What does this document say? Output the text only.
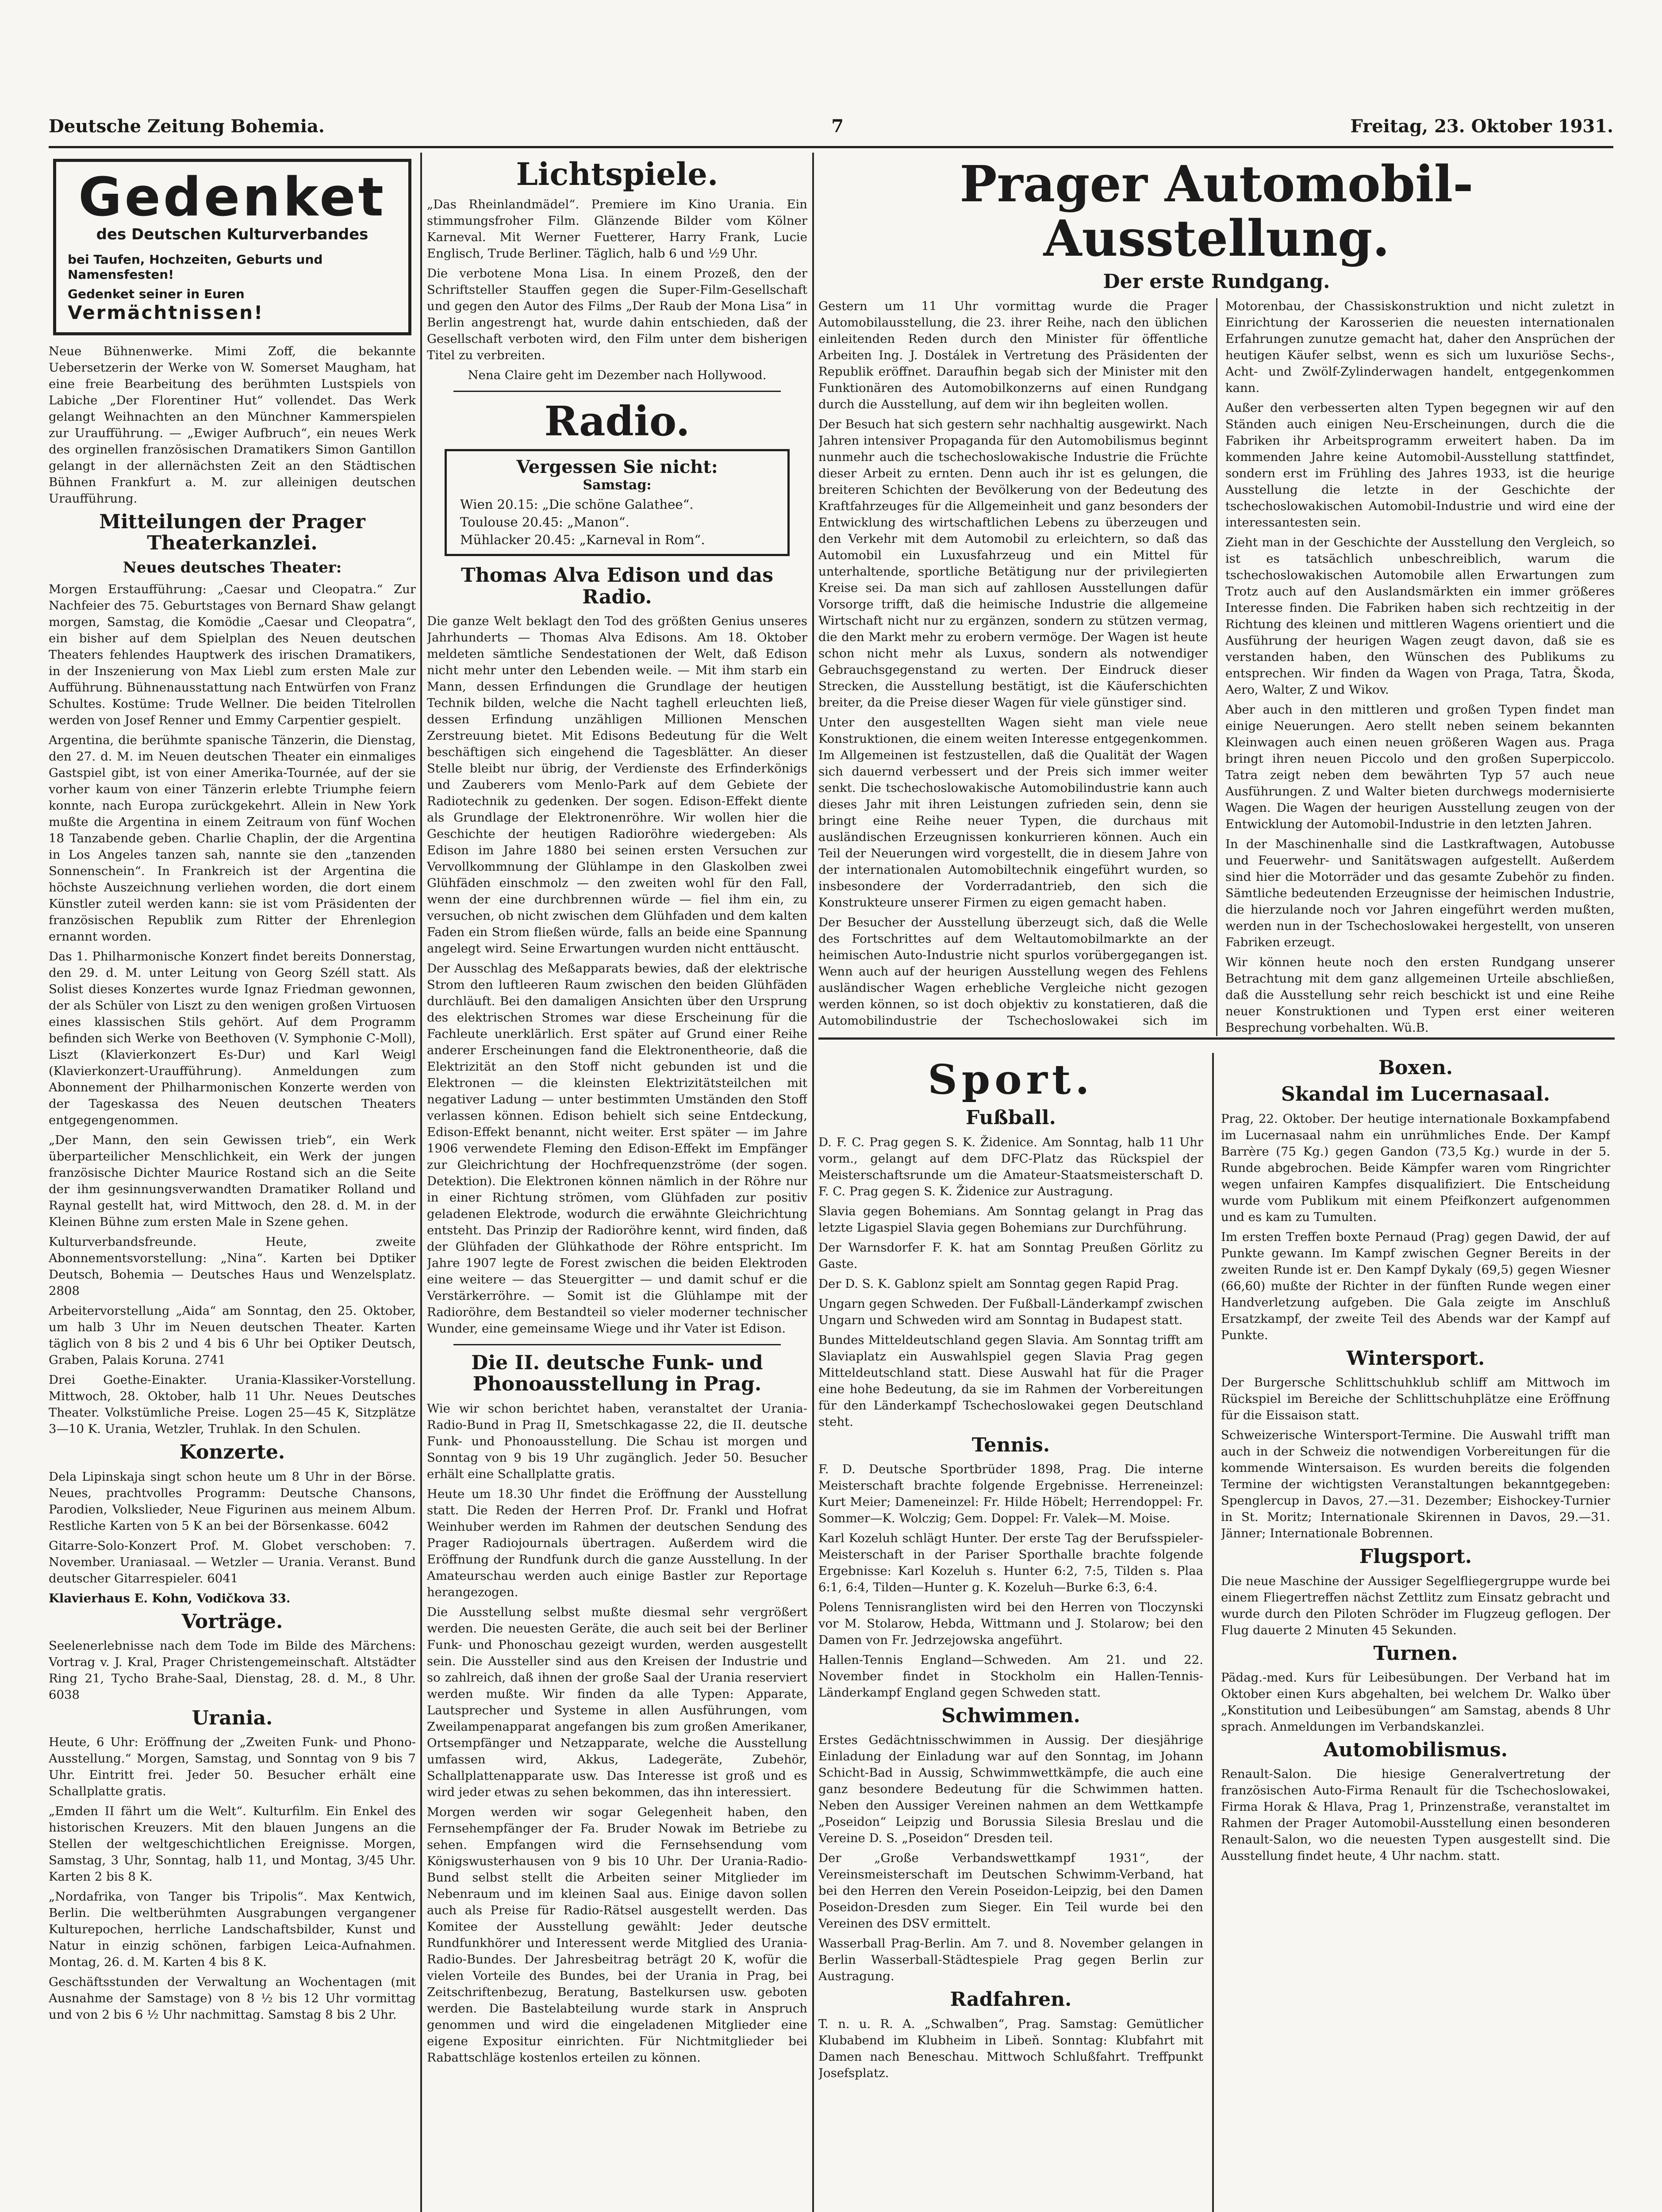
Deutsche Zeitung Bohemia.	7	Freitag, 23. Oktober 1931.
Gedenket
des Deutschen Kulturverbandes
bei Taufen, Hochzeiten, Geburts und Namensfesten!
Gedenket seiner in Euren
Vermächtnissen!

Neue Bühnenwerke. Mimi Zoff, die bekannte Uebersetzerin der Werke von W. Somerset Maugham, hat eine freie Bearbeitung des berühmten Lustspiels von Labiche „Der Florentiner Hut“ vollendet. Das Werk gelangt Weihnachten an den Münchner Kammerspielen zur Uraufführung. — „Ewiger Aufbruch“, ein neues Werk des orginellen französischen Dramatikers Simon Gantillon gelangt in der allernächsten Zeit an den Städtischen Bühnen Frankfurt a. M. zur alleinigen deutschen Uraufführung.

Mitteilungen der Prager Theaterkanzlei.
Neues deutsches Theater:

Morgen Erstaufführung: „Caesar und Cleopatra.“ Zur Nachfeier des 75. Geburtstages von Bernard Shaw gelangt morgen, Samstag, die Komödie „Caesar und Cleopatra“, ein bisher auf dem Spielplan des Neuen deutschen Theaters fehlendes Hauptwerk des irischen Dramatikers, in der Inszenierung von Max Liebl zum ersten Male zur Aufführung. Bühnenausstattung nach Entwürfen von Franz Schultes. Kostüme: Trude Wellner. Die beiden Titelrollen werden von Josef Renner und Emmy Carpentier gespielt.

Argentina, die berühmte spanische Tänzerin, die Dienstag, den 27. d. M. im Neuen deutschen Theater ein einmaliges Gastspiel gibt, ist von einer Amerika-Tournée, auf der sie vorher kaum von einer Tänzerin erlebte Triumphe feiern konnte, nach Europa zurückgekehrt. Allein in New York mußte die Argentina in einem Zeitraum von fünf Wochen 18 Tanzabende geben. Charlie Chaplin, der die Argentina in Los Angeles tanzen sah, nannte sie den „tanzenden Sonnenschein“. In Frankreich ist der Argentina die höchste Auszeichnung verliehen worden, die dort einem Künstler zuteil werden kann: sie ist vom Präsidenten der französischen Republik zum Ritter der Ehrenlegion ernannt worden.

Das 1. Philharmonische Konzert findet bereits Donnerstag, den 29. d. M. unter Leitung von Georg Széll statt. Als Solist dieses Konzertes wurde Ignaz Friedman gewonnen, der als Schüler von Liszt zu den wenigen großen Virtuosen eines klassischen Stils gehört. Auf dem Programm befinden sich Werke von Beethoven (V. Symphonie C-Moll), Liszt (Klavierkonzert Es-Dur) und Karl Weigl (Klavierkonzert-Uraufführung). Anmeldungen zum Abonnement der Philharmonischen Konzerte werden von der Tageskassa des Neuen deutschen Theaters entgegengenommen.

„Der Mann, den sein Gewissen trieb“, ein Werk überparteilicher Menschlichkeit, ein Werk der jungen französische Dichter Maurice Rostand sich an die Seite der ihm gesinnungsverwandten Dramatiker Rolland und Raynal gestellt hat, wird Mittwoch, den 28. d. M. in der Kleinen Bühne zum ersten Male in Szene gehen.

Kulturverbandsfreunde. Heute, zweite Abonnementsvorstellung: „Nina“. Karten bei Dptiker Deutsch, Bohemia — Deutsches Haus und Wenzelsplatz. 2808

Arbeitervorstellung „Aida“ am Sonntag, den 25. Oktober, um halb 3 Uhr im Neuen deutschen Theater. Karten täglich von 8 bis 2 und 4 bis 6 Uhr bei Optiker Deutsch, Graben, Palais Koruna. 2741

Drei Goethe-Einakter. Urania-Klassiker-Vorstellung. Mittwoch, 28. Oktober, halb 11 Uhr. Neues Deutsches Theater. Volkstümliche Preise. Logen 25—45 K, Sitzplätze 3—10 K. Urania, Wetzler, Truhlak. In den Schulen.

Konzerte.

Dela Lipinskaja singt schon heute um 8 Uhr in der Börse. Neues, prachtvolles Programm: Deutsche Chansons, Parodien, Volkslieder, Neue Figurinen aus meinem Album. Restliche Karten von 5 K an bei der Börsenkasse. 6042

Gitarre-Solo-Konzert Prof. M. Globet verschoben: 7. November. Uraniasaal. — Wetzler — Urania. Veranst. Bund deutscher Gitarrespieler. 6041

Klavierhaus E. Kohn, Vodičkova 33.

Vorträge.

Seelenerlebnisse nach dem Tode im Bilde des Märchens: Vortrag v. J. Kral, Prager Christengemeinschaft. Altstädter Ring 21, Tycho Brahe-Saal, Dienstag, 28. d. M., 8 Uhr. 6038

Urania.

Heute, 6 Uhr: Eröffnung der „Zweiten Funk- und Phono-Ausstellung.“ Morgen, Samstag, und Sonntag von 9 bis 7 Uhr. Eintritt frei. Jeder 50. Besucher erhält eine Schallplatte gratis.

„Emden II fährt um die Welt“. Kulturfilm. Ein Enkel des historischen Kreuzers. Mit den blauen Jungens an die Stellen der weltgeschichtlichen Ereignisse. Morgen, Samstag, 3 Uhr, Sonntag, halb 11, und Montag, 3/45 Uhr. Karten 2 bis 8 K.

„Nordafrika, von Tanger bis Tripolis“. Max Kentwich, Berlin. Die weltberühmten Ausgrabungen vergangener Kulturepochen, herrliche Landschaftsbilder, Kunst und Natur in einzig schönen, farbigen Leica-Aufnahmen. Montag, 26. d. M. Karten 4 bis 8 K.

Geschäftsstunden der Verwaltung an Wochentagen (mit Ausnahme der Samstage) von 8 ½ bis 12 Uhr vormittag und von 2 bis 6 ½ Uhr nachmittag. Samstag 8 bis 2 Uhr.

Lichtspiele.

„Das Rheinlandmädel“. Premiere im Kino Urania. Ein stimmungsfroher Film. Glänzende Bilder vom Kölner Karneval. Mit Werner Fuetterer, Harry Frank, Lucie Englisch, Trude Berliner. Täglich, halb 6 und ½9 Uhr.

Die verbotene Mona Lisa. In einem Prozeß, den der Schriftsteller Stauffen gegen die Super-Film-Gesellschaft und gegen den Autor des Films „Der Raub der Mona Lisa“ in Berlin angestrengt hat, wurde dahin entschieden, daß der Gesellschaft verboten wird, den Film unter dem bisherigen Titel zu verbreiten.

Nena Claire geht im Dezember nach Hollywood.

Radio.
Vergessen Sie nicht:
Samstag:
Wien 20.15: „Die schöne Galathee“.
Toulouse 20.45: „Manon“.
Mühlacker 20.45: „Karneval in Rom“.
Thomas Alva Edison und das Radio.

Die ganze Welt beklagt den Tod des größten Genius unseres Jahrhunderts — Thomas Alva Edisons. Am 18. Oktober meldeten sämtliche Sendestationen der Welt, daß Edison nicht mehr unter den Lebenden weile. — Mit ihm starb ein Mann, dessen Erfindungen die Grundlage der heutigen Technik bilden, welche die Nacht taghell erleuchten ließ, dessen Erfindung unzähligen Millionen Menschen Zerstreuung bietet. Mit Edisons Bedeutung für die Welt beschäftigen sich eingehend die Tagesblätter. An dieser Stelle bleibt nur übrig, der Verdienste des Erfinderkönigs und Zauberers vom Menlo-Park auf dem Gebiete der Radiotechnik zu gedenken. Der sogen. Edison-Effekt diente als Grundlage der Elektronenröhre. Wir wollen hier die Geschichte der heutigen Radioröhre wiedergeben: Als Edison im Jahre 1880 bei seinen ersten Versuchen zur Vervollkommnung der Glühlampe in den Glaskolben zwei Glühfäden einschmolz — den zweiten wohl für den Fall, wenn der eine durchbrennen würde — fiel ihm ein, zu versuchen, ob nicht zwischen dem Glühfaden und dem kalten Faden ein Strom fließen würde, falls an beide eine Spannung angelegt wird. Seine Erwartungen wurden nicht enttäuscht.

Der Ausschlag des Meßapparats bewies, daß der elektrische Strom den luftleeren Raum zwischen den beiden Glühfäden durchläuft. Bei den damaligen Ansichten über den Ursprung des elektrischen Stromes war diese Erscheinung für die Fachleute unerklärlich. Erst später auf Grund einer Reihe anderer Erscheinungen fand die Elektronentheorie, daß die Elektrizität an den Stoff nicht gebunden ist und die Elektronen — die kleinsten Elektrizitätsteilchen mit negativer Ladung — unter bestimmten Umständen den Stoff verlassen können. Edison behielt sich seine Entdeckung, Edison-Effekt benannt, nicht weiter. Erst später — im Jahre 1906 verwendete Fleming den Edison-Effekt im Empfänger zur Gleichrichtung der Hochfrequenzströme (der sogen. Detektion). Die Elektronen können nämlich in der Röhre nur in einer Richtung strömen, vom Glühfaden zur positiv geladenen Elektrode, wodurch die erwähnte Gleichrichtung entsteht. Das Prinzip der Radioröhre kennt, wird finden, daß der Glühfaden der Glühkathode der Röhre entspricht. Im Jahre 1907 legte de Forest zwischen die beiden Elektroden eine weitere — das Steuergitter — und damit schuf er die Verstärkerröhre. — Somit ist die Glühlampe mit der Radioröhre, dem Bestandteil so vieler moderner technischer Wunder, eine gemeinsame Wiege und ihr Vater ist Edison.

Die II. deutsche Funk- und Phonoausstellung in Prag.

Wie wir schon berichtet haben, veranstaltet der Urania-Radio-Bund in Prag II, Smetschkagasse 22, die II. deutsche Funk- und Phonoausstellung. Die Schau ist morgen und Sonntag von 9 bis 19 Uhr zugänglich. Jeder 50. Besucher erhält eine Schallplatte gratis.

Heute um 18.30 Uhr findet die Eröffnung der Ausstellung statt. Die Reden der Herren Prof. Dr. Frankl und Hofrat Weinhuber werden im Rahmen der deutschen Sendung des Prager Radiojournals übertragen. Außerdem wird die Eröffnung der Rundfunk durch die ganze Ausstellung. In der Amateurschau werden auch einige Bastler zur Reportage herangezogen.

Die Ausstellung selbst mußte diesmal sehr vergrößert werden. Die neuesten Geräte, die auch seit bei der Berliner Funk- und Phonoschau gezeigt wurden, werden ausgestellt sein. Die Aussteller sind aus den Kreisen der Industrie und so zahlreich, daß ihnen der große Saal der Urania reserviert werden mußte. Wir finden da alle Typen: Apparate, Lautsprecher und Systeme in allen Ausführungen, vom Zweilampenapparat angefangen bis zum großen Amerikaner, Ortsempfänger und Netzapparate, welche die Ausstellung umfassen wird, Akkus, Ladegeräte, Zubehör, Schallplattenapparate usw. Das Interesse ist groß und es wird jeder etwas zu sehen bekommen, das ihn interessiert.

Morgen werden wir sogar Gelegenheit haben, den Fernsehempfänger der Fa. Bruder Nowak im Betriebe zu sehen. Empfangen wird die Fernsehsendung vom Königswusterhausen von 9 bis 10 Uhr. Der Urania-Radio-Bund selbst stellt die Arbeiten seiner Mitglieder im Nebenraum und im kleinen Saal aus. Einige davon sollen auch als Preise für Radio-Rätsel ausgestellt werden. Das Komitee der Ausstellung gewählt: Jeder deutsche Rundfunkhörer und Interessent werde Mitglied des Urania-Radio-Bundes. Der Jahresbeitrag beträgt 20 K, wofür die vielen Vorteile des Bundes, bei der Urania in Prag, bei Zeitschriftenbezug, Beratung, Bastelkursen usw. geboten werden. Die Bastelabteilung wurde stark in Anspruch genommen und wird die eingeladenen Mitglieder eine eigene Expositur einrichten. Für Nichtmitglieder bei Rabattschläge kostenlos erteilen zu können.

Prager Automobil-Ausstellung.
Der erste Rundgang.

Gestern um 11 Uhr vormittag wurde die Prager Automobilausstellung, die 23. ihrer Reihe, nach den üblichen einleitenden Reden durch den Minister für öffentliche Arbeiten Ing. J. Dostálek in Vertretung des Präsidenten der Republik eröffnet. Daraufhin begab sich der Minister mit den Funktionären des Automobilkonzerns auf einen Rundgang durch die Ausstellung, auf dem wir ihn begleiten wollen.

Der Besuch hat sich gestern sehr nachhaltig ausgewirkt. Nach Jahren intensiver Propaganda für den Automobilismus beginnt nunmehr auch die tschechoslowakische Industrie die Früchte dieser Arbeit zu ernten. Denn auch ihr ist es gelungen, die breiteren Schichten der Bevölkerung von der Bedeutung des Kraftfahrzeuges für die Allgemeinheit und ganz besonders der Entwicklung des wirtschaftlichen Lebens zu überzeugen und den Verkehr mit dem Automobil zu erleichtern, so daß das Automobil ein Luxusfahrzeug und ein Mittel für unterhaltende, sportliche Betätigung nur der privilegierten Kreise sei. Da man sich auf zahllosen Ausstellungen dafür Vorsorge trifft, daß die heimische Industrie die allgemeine Wirtschaft nicht nur zu ergänzen, sondern zu stützen vermag, die den Markt mehr zu erobern vermöge. Der Wagen ist heute schon nicht mehr als Luxus, sondern als notwendiger Gebrauchsgegenstand zu werten. Der Eindruck dieser Strecken, die Ausstellung bestätigt, ist die Käuferschichten breiter, da die Preise dieser Wagen für viele günstiger sind.

Unter den ausgestellten Wagen sieht man viele neue Konstruktionen, die einem weiten Interesse entgegenkommen. Im Allgemeinen ist festzustellen, daß die Qualität der Wagen sich dauernd verbessert und der Preis sich immer weiter senkt. Die tschechoslowakische Automobilindustrie kann auch dieses Jahr mit ihren Leistungen zufrieden sein, denn sie bringt eine Reihe neuer Typen, die durchaus mit ausländischen Erzeugnissen konkurrieren können. Auch ein Teil der Neuerungen wird vorgestellt, die in diesem Jahre von der internationalen Automobiltechnik eingeführt wurden, so insbesondere der Vorderradantrieb, den sich die Konstrukteure unserer Firmen zu eigen gemacht haben.

Der Besucher der Ausstellung überzeugt sich, daß die Welle des Fortschrittes auf dem Weltautomobilmarkte an der heimischen Auto-Industrie nicht spurlos vorübergegangen ist. Wenn auch auf der heurigen Ausstellung wegen des Fehlens ausländischer Wagen erhebliche Vergleiche nicht gezogen werden können, so ist doch objektiv zu konstatieren, daß die Automobilindustrie der Tschechoslowakei sich im Motorenbau, der Chassiskonstruktion und nicht zuletzt in Einrichtung der Karosserien die neuesten internationalen Erfahrungen zunutze gemacht hat, daher den Ansprüchen der heutigen Käufer selbst, wenn es sich um luxuriöse Sechs-, Acht- und Zwölf-Zylinderwagen handelt, entgegenkommen kann.

Außer den verbesserten alten Typen begegnen wir auf den Ständen auch einigen Neu-Erscheinungen, durch die die Fabriken ihr Arbeitsprogramm erweitert haben. Da im kommenden Jahre keine Automobil-Ausstellung stattfindet, sondern erst im Frühling des Jahres 1933, ist die heurige Ausstellung die letzte in der Geschichte der tschechoslowakischen Automobil-Industrie und wird eine der interessantesten sein.

Zieht man in der Geschichte der Ausstellung den Vergleich, so ist es tatsächlich unbeschreiblich, warum die tschechoslowakischen Automobile allen Erwartungen zum Trotz auch auf den Auslandsmärkten ein immer größeres Interesse finden. Die Fabriken haben sich rechtzeitig in der Richtung des kleinen und mittleren Wagens orientiert und die Ausführung der heurigen Wagen zeugt davon, daß sie es verstanden haben, den Wünschen des Publikums zu entsprechen. Wir finden da Wagen von Praga, Tatra, Škoda, Aero, Walter, Z und Wikov.

Aber auch in den mittleren und großen Typen findet man einige Neuerungen. Aero stellt neben seinem bekannten Kleinwagen auch einen neuen größeren Wagen aus. Praga bringt ihren neuen Piccolo und den großen Superpiccolo. Tatra zeigt neben dem bewährten Typ 57 auch neue Ausführungen. Z und Walter bieten durchwegs modernisierte Wagen. Die Wagen der heurigen Ausstellung zeugen von der Entwicklung der Automobil-Industrie in den letzten Jahren.

In der Maschinenhalle sind die Lastkraftwagen, Autobusse und Feuerwehr- und Sanitätswagen aufgestellt. Außerdem sind hier die Motorräder und das gesamte Zubehör zu finden. Sämtliche bedeutenden Erzeugnisse der heimischen Industrie, die hierzulande noch vor Jahren eingeführt werden mußten, werden nun in der Tschechoslowakei hergestellt, von unseren Fabriken erzeugt.

Wir können heute noch den ersten Rundgang unserer Betrachtung mit dem ganz allgemeinen Urteile abschließen, daß die Ausstellung sehr reich beschickt ist und eine Reihe neuer Konstruktionen und Typen erst einer weiteren Besprechung vorbehalten. Wü.B.

Sport.
Fußball.

D. F. C. Prag gegen S. K. Židenice. Am Sonntag, halb 11 Uhr vorm., gelangt auf dem DFC-Platz das Rückspiel der Meisterschaftsrunde um die Amateur-Staatsmeisterschaft D. F. C. Prag gegen S. K. Židenice zur Austragung.

Slavia gegen Bohemians. Am Sonntag gelangt in Prag das letzte Ligaspiel Slavia gegen Bohemians zur Durchführung.

Der Warnsdorfer F. K. hat am Sonntag Preußen Görlitz zu Gaste.

Der D. S. K. Gablonz spielt am Sonntag gegen Rapid Prag.

Ungarn gegen Schweden. Der Fußball-Länderkampf zwischen Ungarn und Schweden wird am Sonntag in Budapest statt.

Bundes Mitteldeutschland gegen Slavia. Am Sonntag trifft am Slaviaplatz ein Auswahlspiel gegen Slavia Prag gegen Mitteldeutschland statt. Diese Auswahl hat für die Prager eine hohe Bedeutung, da sie im Rahmen der Vorbereitungen für den Länderkampf Tschechoslowakei gegen Deutschland steht.

Tennis.

F. D. Deutsche Sportbrüder 1898, Prag. Die interne Meisterschaft brachte folgende Ergebnisse. Herreneinzel: Kurt Meier; Dameneinzel: Fr. Hilde Höbelt; Herrendoppel: Fr. Sommer—K. Wolczig; Gem. Doppel: Fr. Valek—M. Moise.

Karl Kozeluh schlägt Hunter. Der erste Tag der Berufsspieler-Meisterschaft in der Pariser Sporthalle brachte folgende Ergebnisse: Karl Kozeluh s. Hunter 6:2, 7:5, Tilden s. Plaa 6:1, 6:4, Tilden—Hunter g. K. Kozeluh—Burke 6:3, 6:4.

Polens Tennisranglisten wird bei den Herren von Tloczynski vor M. Stolarow, Hebda, Wittmann und J. Stolarow; bei den Damen von Fr. Jedrzejowska angeführt.

Hallen-Tennis England—Schweden. Am 21. und 22. November findet in Stockholm ein Hallen-Tennis-Länderkampf England gegen Schweden statt.

Schwimmen.

Erstes Gedächtnisschwimmen in Aussig. Der diesjährige Einladung der Einladung war auf den Sonntag, im Johann Schicht-Bad in Aussig, Schwimmwettkämpfe, die auch eine ganz besondere Bedeutung für die Schwimmen hatten. Neben den Aussiger Vereinen nahmen an dem Wettkampfe „Poseidon“ Leipzig und Borussia Silesia Breslau und die Vereine D. S. „Poseidon“ Dresden teil.

Der „Große Verbandswettkampf 1931“, der Vereinsmeisterschaft im Deutschen Schwimm-Verband, hat bei den Herren den Verein Poseidon-Leipzig, bei den Damen Poseidon-Dresden zum Sieger. Ein Teil wurde bei den Vereinen des DSV ermittelt.

Wasserball Prag-Berlin. Am 7. und 8. November gelangen in Berlin Wasserball-Städtespiele Prag gegen Berlin zur Austragung.

Radfahren.

T. n. u. R. A. „Schwalben“, Prag. Samstag: Gemütlicher Klubabend im Klubheim in Libeň. Sonntag: Klubfahrt mit Damen nach Beneschau. Mittwoch Schlußfahrt. Treffpunkt Josefsplatz.

Boxen.
Skandal im Lucernasaal.

Prag, 22. Oktober. Der heutige internationale Boxkampfabend im Lucernasaal nahm ein unrühmliches Ende. Der Kampf Barrère (75 Kg.) gegen Gandon (73,5 Kg.) wurde in der 5. Runde abgebrochen. Beide Kämpfer waren vom Ringrichter wegen unfairen Kampfes disqualifiziert. Die Entscheidung wurde vom Publikum mit einem Pfeifkonzert aufgenommen und es kam zu Tumulten.

Im ersten Treffen boxte Pernaud (Prag) gegen Dawid, der auf Punkte gewann. Im Kampf zwischen Gegner Bereits in der zweiten Runde ist er. Den Kampf Dykaly (69,5) gegen Wiesner (66,60) mußte der Richter in der fünften Runde wegen einer Handverletzung aufgeben. Die Gala zeigte im Anschluß Ersatzkampf, der zweite Teil des Abends war der Kampf auf Punkte.

Wintersport.

Der Burgersche Schlittschuhklub schliff am Mittwoch im Rückspiel im Bereiche der Schlittschuhplätze eine Eröffnung für die Eissaison statt.

Schweizerische Wintersport-Termine. Die Auswahl trifft man auch in der Schweiz die notwendigen Vorbereitungen für die kommende Wintersaison. Es wurden bereits die folgenden Termine der wichtigsten Veranstaltungen bekanntgegeben: Spenglercup in Davos, 27.—31. Dezember; Eishockey-Turnier in St. Moritz; Internationale Skirennen in Davos, 29.—31. Jänner; Internationale Bobrennen.

Flugsport.

Die neue Maschine der Aussiger Segelfliegergruppe wurde bei einem Fliegertreffen nächst Zettlitz zum Einsatz gebracht und wurde durch den Piloten Schröder im Flugzeug geflogen. Der Flug dauerte 2 Minuten 45 Sekunden.

Turnen.

Pädag.-med. Kurs für Leibesübungen. Der Verband hat im Oktober einen Kurs abgehalten, bei welchem Dr. Walko über „Konstitution und Leibesübungen“ am Samstag, abends 8 Uhr sprach. Anmeldungen im Verbandskanzlei.

Automobilismus.

Renault-Salon. Die hiesige Generalvertretung der französischen Auto-Firma Renault für die Tschechoslowakei, Firma Horak & Hlava, Prag 1, Prinzenstraße, veranstaltet im Rahmen der Prager Automobil-Ausstellung einen besonderen Renault-Salon, wo die neuesten Typen ausgestellt sind. Die Ausstellung findet heute, 4 Uhr nachm. statt.
